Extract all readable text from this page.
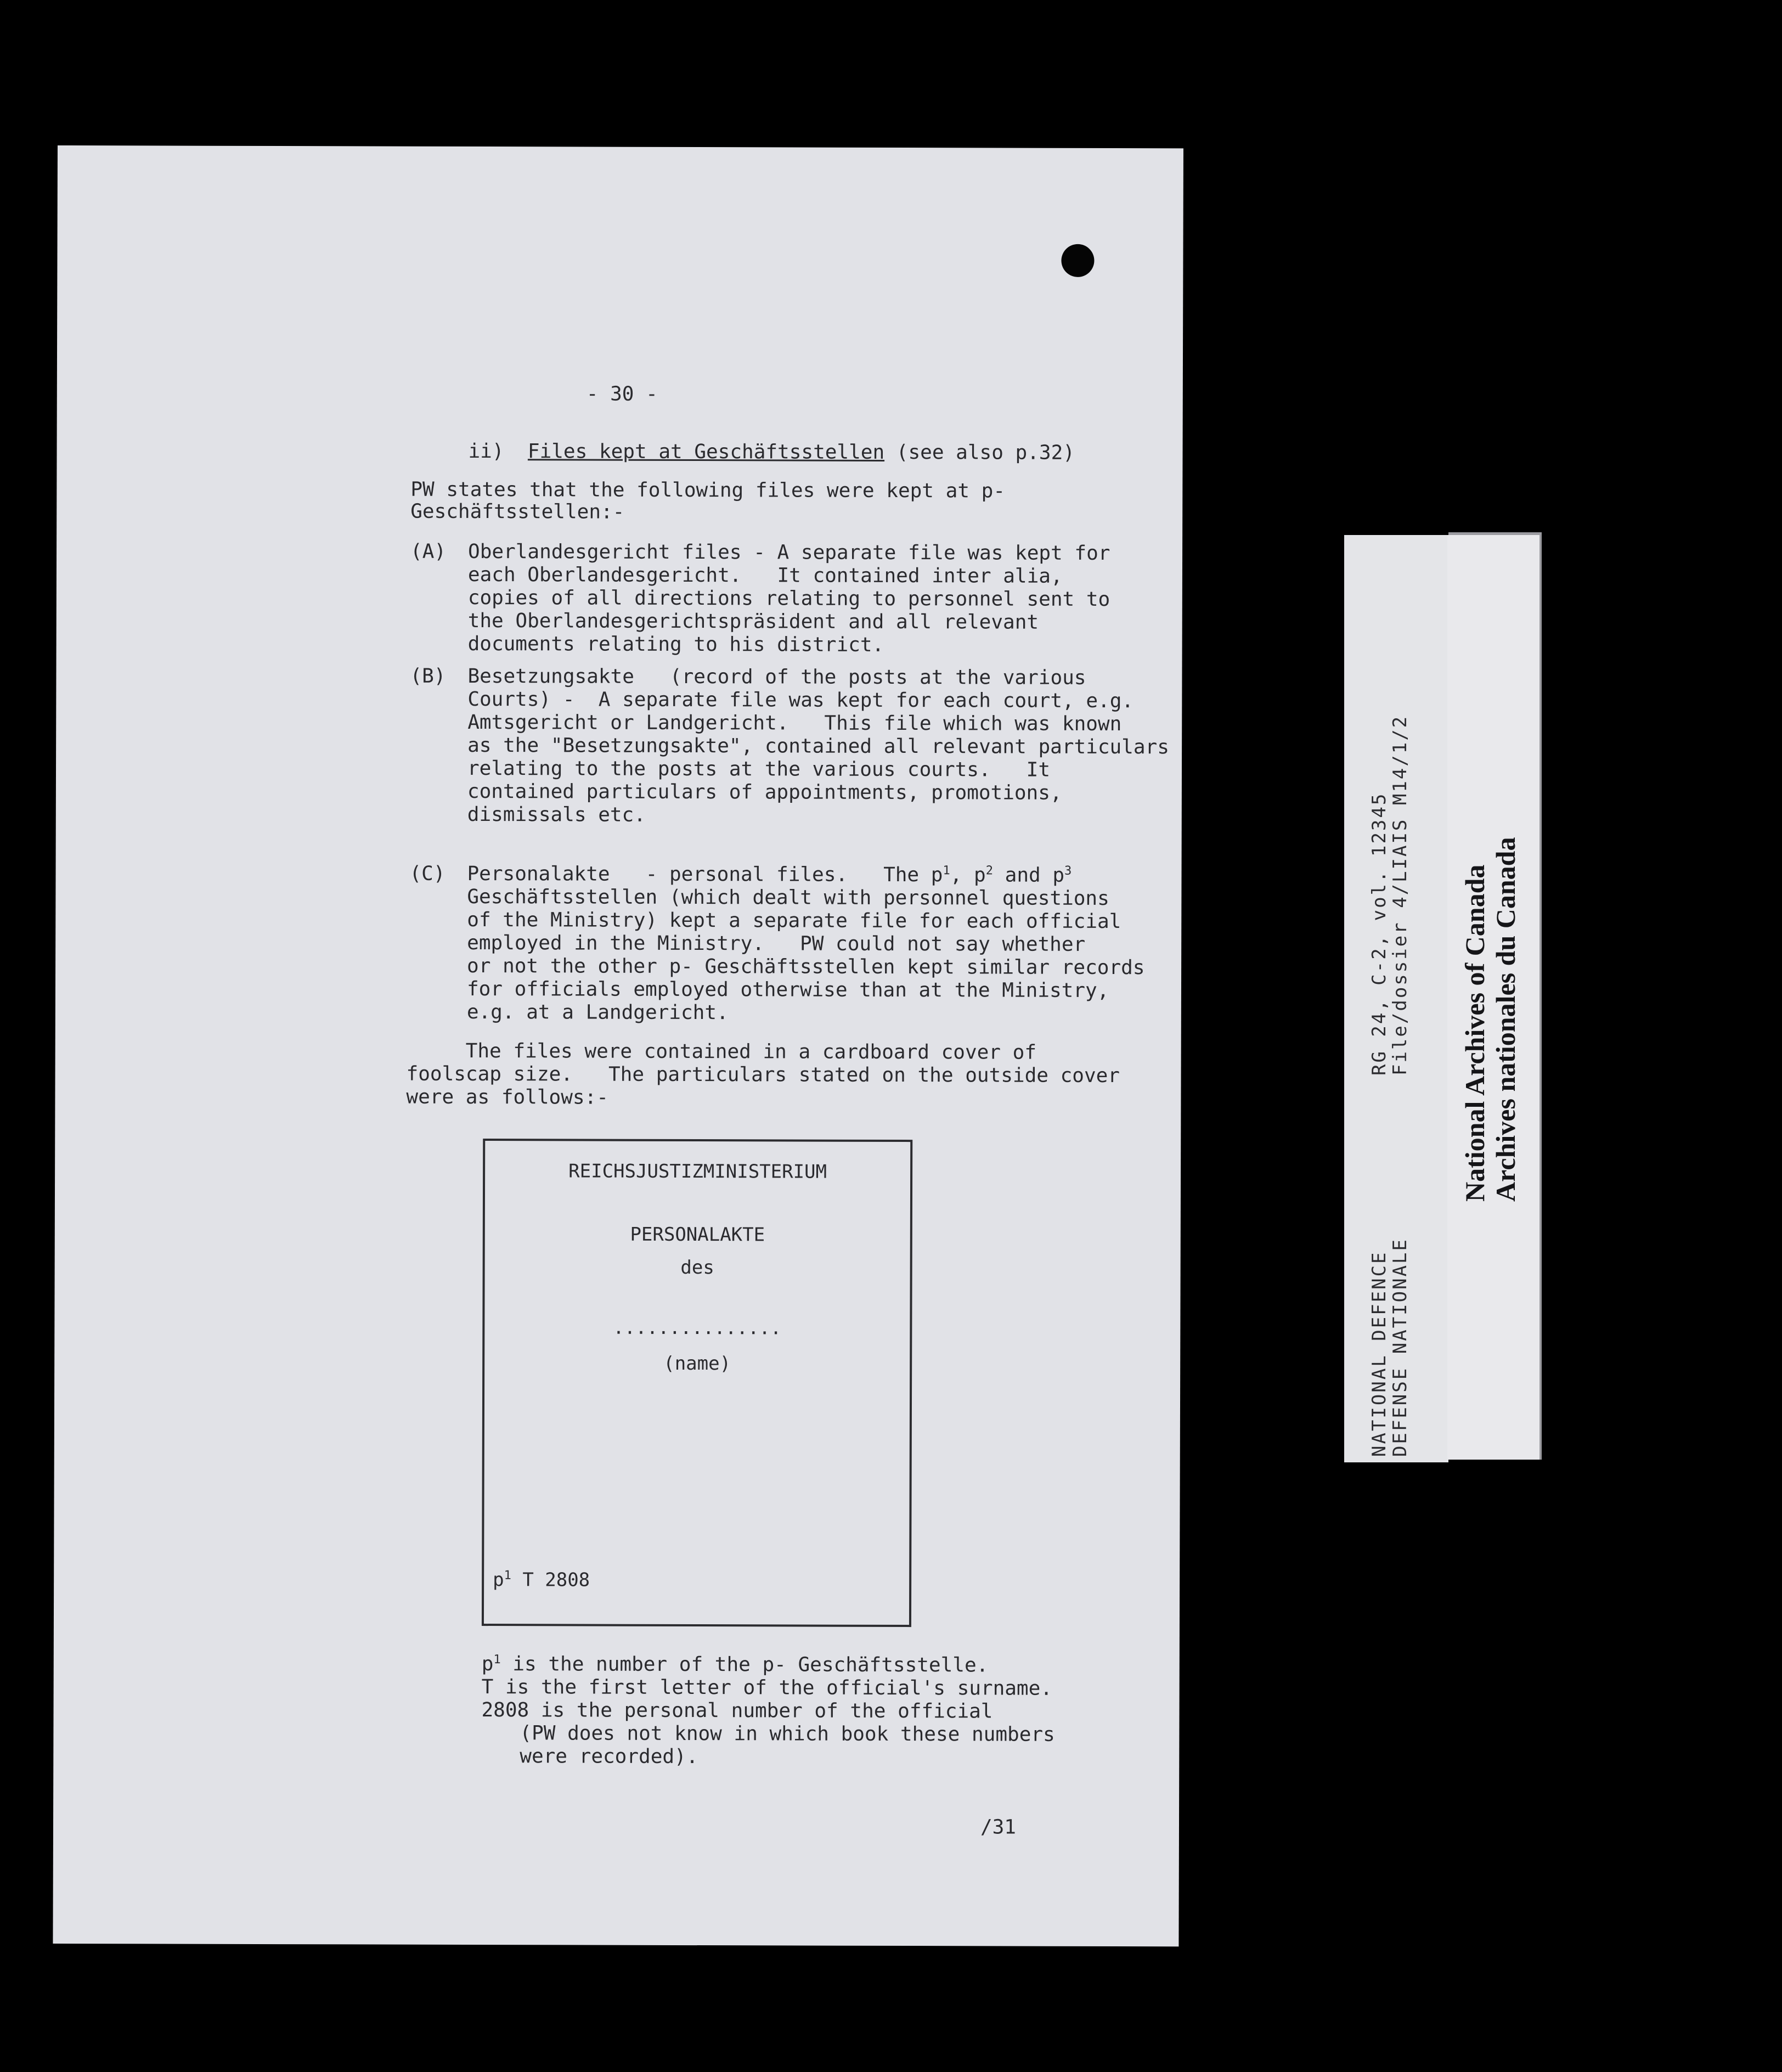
- 30 -
ii) Files kept at Geschäftsstellen (see also p.32)
PW states that the following files were kept at p-
Geschäftsstellen:-
(A) Oberlandesgericht files - A separate file was kept for
each Oberlandesgericht.   It contained inter alia,
copies of all directions relating to personnel sent to
the Oberlandesgerichtspräsident and all relevant
documents relating to his district.
(B) Besetzungsakte   (record of the posts at the various
Courts) -  A separate file was kept for each court, e.g.
Amtsgericht or Landgericht.   This file which was known
as the "Besetzungsakte", contained all relevant particulars
relating to the posts at the various courts.   It
contained particulars of appointments, promotions,
dismissals etc.
(C) Personalakte   - personal files.   The $p^1$, $p^2$ and $p^3$
Geschäftsstellen (which dealt with personnel questions
of the Ministry) kept a separate file for each official
employed in the Ministry.   PW could not say whether
or not the other p- Geschäftsstellen kept similar records
for officials employed otherwise than at the Ministry,
e.g. at a Landgericht.
The files were contained in a cardboard cover of
foolscap size.   The particulars stated on the outside cover
were as follows:-
REICHSJUSTIZMINISTERIUM
PERSONALAKTE
des
...............
(name)
$p^1$ T 2808
$p^1$ is the number of the p- Geschäftsstelle.
T is the first letter of the official's surname.
2808 is the personal number of the official
(PW does not know in which book these numbers
were recorded).
/31
NATIONAL DEFENCE
DEFENSE NATIONALE
RG 24, C-2, vol. 12345
File/dossier 4/LIAIS M14/1/2 National Archives of Canada
Archives nationales du Canada
